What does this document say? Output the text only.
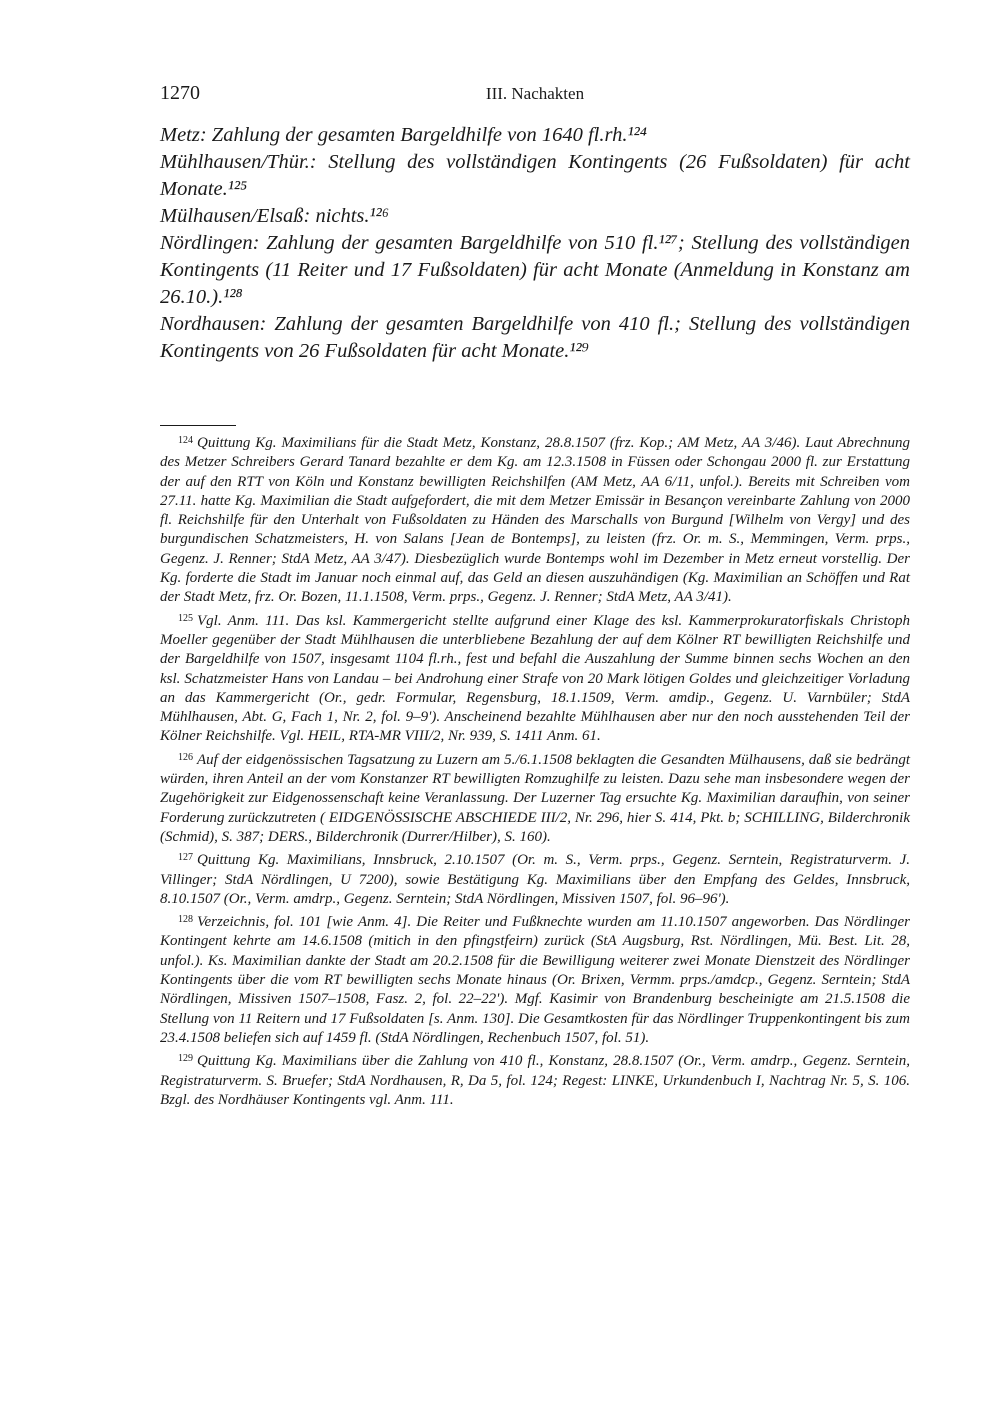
1270	III. Nachakten

Metz: Zahlung der gesamten Bargeldhilfe von 1640 fl.rh.¹²⁴

Mühlhausen/Thür.: Stellung des vollständigen Kontingents (26 Fußsoldaten) für acht Monate.¹²⁵

Mülhausen/Elsaß: nichts.¹²⁶

Nördlingen: Zahlung der gesamten Bargeldhilfe von 510 fl.¹²⁷; Stellung des vollständigen Kontingents (11 Reiter und 17 Fußsoldaten) für acht Monate (Anmeldung in Konstanz am 26.10.).¹²⁸

Nordhausen: Zahlung der gesamten Bargeldhilfe von 410 fl.; Stellung des vollständigen Kontingents von 26 Fußsoldaten für acht Monate.¹²⁹

$^{124}$ Quittung Kg. Maximilians für die Stadt Metz, Konstanz, 28.8.1507 (frz. Kop.; AM Metz, AA 3/46). Laut Abrechnung des Metzer Schreibers Gerard Tanard bezahlte er dem Kg. am 12.3.1508 in Füssen oder Schongau 2000 fl. zur Erstattung der auf den RTT von Köln und Konstanz bewilligten Reichshilfen (AM Metz, AA 6/11, unfol.). Bereits mit Schreiben vom 27.11. hatte Kg. Maximilian die Stadt aufgefordert, die mit dem Metzer Emissär in Besançon vereinbarte Zahlung von 2000 fl. Reichshilfe für den Unterhalt von Fußsoldaten zu Händen des Marschalls von Burgund [Wilhelm von Vergy] und des burgundischen Schatzmeisters, H. von Salans [Jean de Bontemps], zu leisten (frz. Or. m. S., Memmingen, Verm. prps., Gegenz. J. Renner; StdA Metz, AA 3/47). Diesbezüglich wurde Bontemps wohl im Dezember in Metz erneut vorstellig. Der Kg. forderte die Stadt im Januar noch einmal auf, das Geld an diesen auszuhändigen (Kg. Maximilian an Schöffen und Rat der Stadt Metz, frz. Or. Bozen, 11.1.1508, Verm. prps., Gegenz. J. Renner; StdA Metz, AA 3/41).

$^{125}$ Vgl. Anm. 111. Das ksl. Kammergericht stellte aufgrund einer Klage des ksl. Kammerprokuratorfiskals Christoph Moeller gegenüber der Stadt Mühlhausen die unterbliebene Bezahlung der auf dem Kölner RT bewilligten Reichshilfe und der Bargeldhilfe von 1507, insgesamt 1104 fl.rh., fest und befahl die Auszahlung der Summe binnen sechs Wochen an den ksl. Schatzmeister Hans von Landau – bei Androhung einer Strafe von 20 Mark lötigen Goldes und gleichzeitiger Vorladung an das Kammergericht (Or., gedr. Formular, Regensburg, 18.1.1509, Verm. amdip., Gegenz. U. Varnbüler; StdA Mühlhausen, Abt. G, Fach 1, Nr. 2, fol. 9–9'). Anscheinend bezahlte Mühlhausen aber nur den noch ausstehenden Teil der Kölner Reichshilfe. Vgl. HEIL, RTA-MR VIII/2, Nr. 939, S. 1411 Anm. 61.

$^{126}$ Auf der eidgenössischen Tagsatzung zu Luzern am 5./6.1.1508 beklagten die Gesandten Mülhausens, daß sie bedrängt würden, ihren Anteil an der vom Konstanzer RT bewilligten Romzughilfe zu leisten. Dazu sehe man insbesondere wegen der Zugehörigkeit zur Eidgenossenschaft keine Veranlassung. Der Luzerner Tag ersuchte Kg. Maximilian daraufhin, von seiner Forderung zurückzutreten ( EIDGENÖSSISCHE ABSCHIEDE III/2, Nr. 296, hier S. 414, Pkt. b; SCHILLING, Bilderchronik (Schmid), S. 387; DERS., Bilderchronik (Durrer/Hilber), S. 160).

$^{127}$ Quittung Kg. Maximilians, Innsbruck, 2.10.1507 (Or. m. S., Verm. prps., Gegenz. Serntein, Registraturverm. J. Villinger; StdA Nördlingen, U 7200), sowie Bestätigung Kg. Maximilians über den Empfang des Geldes, Innsbruck, 8.10.1507 (Or., Verm. amdrp., Gegenz. Serntein; StdA Nördlingen, Missiven 1507, fol. 96–96').

$^{128}$ Verzeichnis, fol. 101 [wie Anm. 4]. Die Reiter und Fußknechte wurden am 11.10.1507 angeworben. Das Nördlinger Kontingent kehrte am 14.6.1508 (mitich in den pfingstfeirn) zurück (StA Augsburg, Rst. Nördlingen, Mü. Best. Lit. 28, unfol.). Ks. Maximilian dankte der Stadt am 20.2.1508 für die Bewilligung weiterer zwei Monate Dienstzeit des Nördlinger Kontingents über die vom RT bewilligten sechs Monate hinaus (Or. Brixen, Vermm. prps./amdcp., Gegenz. Serntein; StdA Nördlingen, Missiven 1507–1508, Fasz. 2, fol. 22–22'). Mgf. Kasimir von Brandenburg bescheinigte am 21.5.1508 die Stellung von 11 Reitern und 17 Fußsoldaten [s. Anm. 130]. Die Gesamtkosten für das Nördlinger Truppenkontingent bis zum 23.4.1508 beliefen sich auf 1459 fl. (StdA Nördlingen, Rechenbuch 1507, fol. 51).

$^{129}$ Quittung Kg. Maximilians über die Zahlung von 410 fl., Konstanz, 28.8.1507 (Or., Verm. amdrp., Gegenz. Serntein, Registraturverm. S. Bruefer; StdA Nordhausen, R, Da 5, fol. 124; Regest: LINKE, Urkundenbuch I, Nachtrag Nr. 5, S. 106. Bzgl. des Nordhäuser Kontingents vgl. Anm. 111.
